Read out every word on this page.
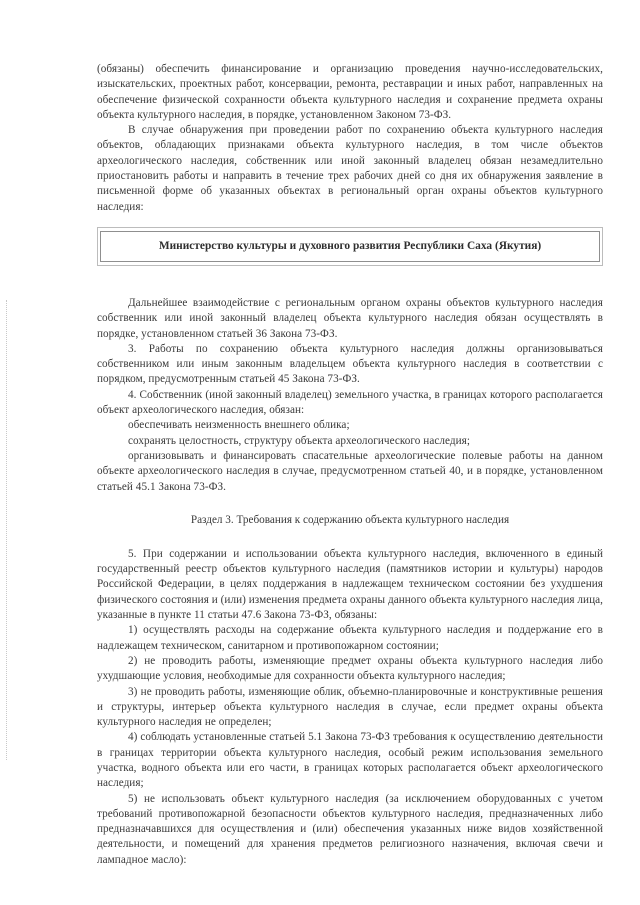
(обязаны) обеспечить финансирование и организацию проведения научно-исследовательских, изыскательских, проектных работ, консервации, ремонта, реставрации и иных работ, направленных на обеспечение физической сохранности объекта культурного наследия и сохранение предмета охраны объекта культурного наследия, в порядке, установленном Законом 73-ФЗ.

В случае обнаружения при проведении работ по сохранению объекта культурного наследия объектов, обладающих признаками объекта культурного наследия, в том числе объектов археологического наследия, собственник или иной законный владелец обязан незамедлительно приостановить работы и направить в течение трех рабочих дней со дня их обнаружения заявление в письменной форме об указанных объектах в региональный орган охраны объектов культурного наследия:

Министерство культуры и духовного развития Республики Саха (Якутия)

Дальнейшее взаимодействие с региональным органом охраны объектов культурного наследия собственник или иной законный владелец объекта культурного наследия обязан осуществлять в порядке, установленном статьей 36 Закона 73-ФЗ.

3. Работы по сохранению объекта культурного наследия должны организовываться собственником или иным законным владельцем объекта культурного наследия в соответствии с порядком, предусмотренным статьей 45 Закона 73-ФЗ.

4. Собственник (иной законный владелец) земельного участка, в границах которого располагается объект археологического наследия, обязан:

обеспечивать неизменность внешнего облика;

сохранять целостность, структуру объекта археологического наследия;

организовывать и финансировать спасательные археологические полевые работы на данном объекте археологического наследия в случае, предусмотренном статьей 40, и в порядке, установленном статьей 45.1 Закона 73-ФЗ.

Раздел 3. Требования к содержанию объекта культурного наследия

5. При содержании и использовании объекта культурного наследия, включенного в единый государственный реестр объектов культурного наследия (памятников истории и культуры) народов Российской Федерации, в целях поддержания в надлежащем техническом состоянии без ухудшения физического состояния и (или) изменения предмета охраны данного объекта культурного наследия лица, указанные в пункте 11 статьи 47.6 Закона 73-ФЗ, обязаны:

1) осуществлять расходы на содержание объекта культурного наследия и поддержание его в надлежащем техническом, санитарном и противопожарном состоянии;

2) не проводить работы, изменяющие предмет охраны объекта культурного наследия либо ухудшающие условия, необходимые для сохранности объекта культурного наследия;

3) не проводить работы, изменяющие облик, объемно-планировочные и конструктивные решения и структуры, интерьер объекта культурного наследия в случае, если предмет охраны объекта культурного наследия не определен;

4) соблюдать установленные статьей 5.1 Закона 73-ФЗ требования к осуществлению деятельности в границах территории объекта культурного наследия, особый режим использования земельного участка, водного объекта или его части, в границах которых располагается объект археологического наследия;

5) не использовать объект культурного наследия (за исключением оборудованных с учетом требований противопожарной безопасности объектов культурного наследия, предназначенных либо предназначавшихся для осуществления и (или) обеспечения указанных ниже видов хозяйственной деятельности, и помещений для хранения предметов религиозного назначения, включая свечи и лампадное масло):
